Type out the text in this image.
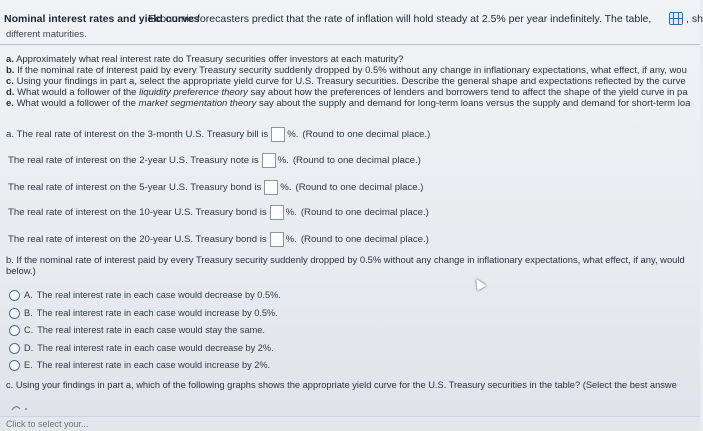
Nominal interest rates and yield curves
Economic forecasters predict that the rate of inflation will hold steady at 2.5% per year indefinitely. The table,	, sh
different maturities.
a. Approximately what real interest rate do Treasury securities offer investors at each maturity?
b. If the nominal rate of interest paid by every Treasury security suddenly dropped by 0.5% without any change in inflationary expectations, what effect, if any, wou
c. Using your findings in part a, select the appropriate yield curve for U.S. Treasury securities. Describe the general shape and expectations reflected by the curve
d. What would a follower of the liquidity preference theory say about how the preferences of lenders and borrowers tend to affect the shape of the yield curve in pa
e. What would a follower of the market segmentation theory say about the supply and demand for long-term loans versus the supply and demand for short-term loa
a. The real rate of interest on the 3-month U.S. Treasury bill is %. (Round to one decimal place.)
The real rate of interest on the 2-year U.S. Treasury note is %. (Round to one decimal place.)
The real rate of interest on the 5-year U.S. Treasury bond is %. (Round to one decimal place.)
The real rate of interest on the 10-year U.S. Treasury bond is %. (Round to one decimal place.)
The real rate of interest on the 20-year U.S. Treasury bond is %. (Round to one decimal place.)
b. If the nominal rate of interest paid by every Treasury security suddenly dropped by 0.5% without any change in inflationary expectations, what effect, if any, would
below.)
A. The real interest rate in each case would decrease by 0.5%.
B. The real interest rate in each case would increase by 0.5%.
C. The real interest rate in each case would stay the same.
D. The real interest rate in each case would decrease by 2%.
E. The real interest rate in each case would increase by 2%.
c. Using your findings in part a, which of the following graphs shows the appropriate yield curve for the U.S. Treasury securities in the table? (Select the best answe
Click to select your...
